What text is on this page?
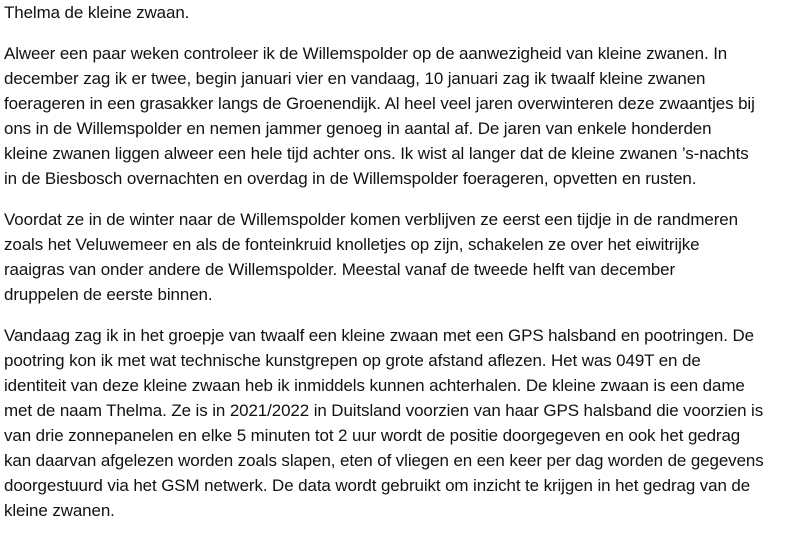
Thelma de kleine zwaan.
Alweer een paar weken controleer ik de Willemspolder op de aanwezigheid van kleine zwanen. In
december zag ik er twee, begin januari vier en vandaag, 10 januari zag ik twaalf kleine zwanen
foerageren in een grasakker langs de Groenendijk. Al heel veel jaren overwinteren deze zwaantjes bij
ons in de Willemspolder en nemen jammer genoeg in aantal af. De jaren van enkele honderden
kleine zwanen liggen alweer een hele tijd achter ons. Ik wist al langer dat de kleine zwanen ’s-nachts
in de Biesbosch overnachten en overdag in de Willemspolder foerageren, opvetten en rusten.
Voordat ze in de winter naar de Willemspolder komen verblijven ze eerst een tijdje in de randmeren
zoals het Veluwemeer en als de fonteinkruid knolletjes op zijn, schakelen ze over het eiwitrijke
raaigras van onder andere de Willemspolder. Meestal vanaf de tweede helft van december
druppelen de eerste binnen.
Vandaag zag ik in het groepje van twaalf een kleine zwaan met een GPS halsband en pootringen. De
pootring kon ik met wat technische kunstgrepen op grote afstand aflezen. Het was 049T en de
identiteit van deze kleine zwaan heb ik inmiddels kunnen achterhalen. De kleine zwaan is een dame
met de naam Thelma. Ze is in 2021/2022 in Duitsland voorzien van haar GPS halsband die voorzien is
van drie zonnepanelen en elke 5 minuten tot 2 uur wordt de positie doorgegeven en ook het gedrag
kan daarvan afgelezen worden zoals slapen, eten of vliegen en een keer per dag worden de gegevens
doorgestuurd via het GSM netwerk. De data wordt gebruikt om inzicht te krijgen in het gedrag van de
kleine zwanen.
